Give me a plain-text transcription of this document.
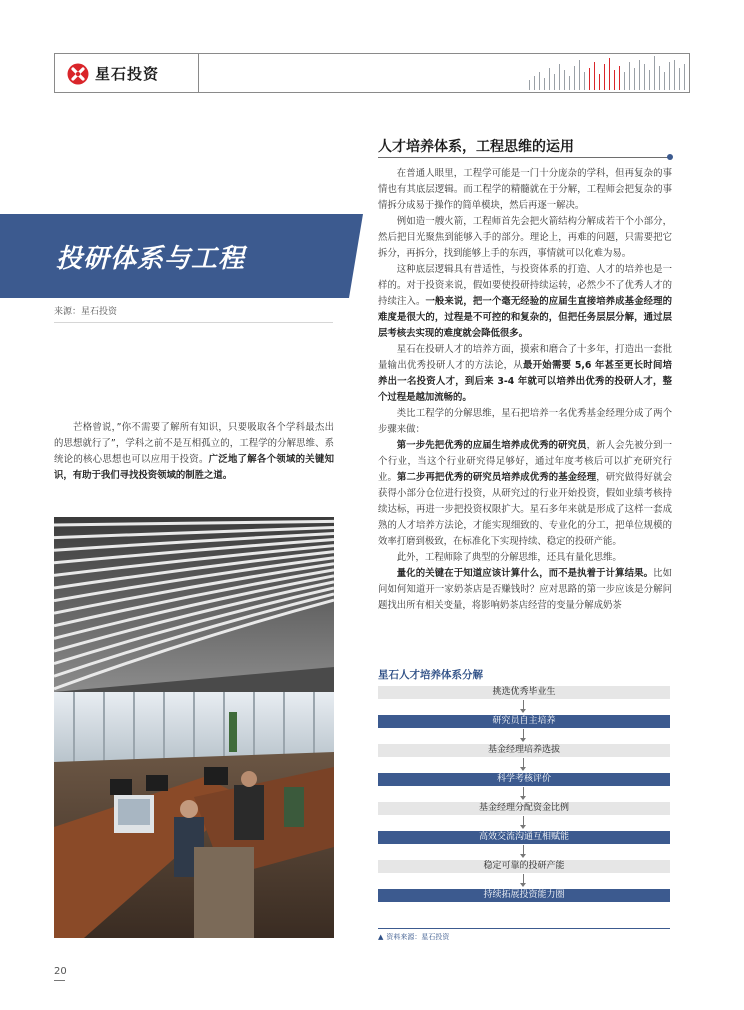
星石投资
投研体系与工程
来源：星石投资
  芒格曾说，”你不需要了解所有知识，只要吸取各个学科最杰出的思想就行了”，学科之前不是互相孤立的，工程学的分解思维、系统论的核心思想也可以应用于投资。广泛地了解各个领域的关键知识，有助于我们寻找投资领域的制胜之道。
人才培养体系，工程思维的运用

在普通人眼里，工程学可能是一门十分庞杂的学科，但再复杂的事情也有其底层逻辑。而工程学的精髓就在于分解，工程师会把复杂的事情拆分成易于操作的简单模块，然后再逐一解决。

例如造一艘火箭，工程师首先会把火箭结构分解成若干个小部分，然后把目光聚焦到能够入手的部分。理论上，再难的问题，只需要把它拆分，再拆分，找到能够上手的东西，事情就可以化难为易。

这种底层逻辑具有普适性，与投资体系的打造、人才的培养也是一样的。对于投资来说，假如要使投研持续运转，必然少不了优秀人才的持续注入。一般来说，把一个毫无经验的应届生直接培养成基金经理的难度是很大的，过程是不可控的和复杂的，但把任务层层分解，通过层层考核去实现的难度就会降低很多。

星石在投研人才的培养方面，摸索和磨合了十多年，打造出一套批量输出优秀投研人才的方法论，从最开始需要 5,6 年甚至更长时间培养出一名投资人才，到后来 3-4 年就可以培养出优秀的投研人才，整个过程是越加流畅的。

类比工程学的分解思维，星石把培养一名优秀基金经理分成了两个步骤来做：

第一步先把优秀的应届生培养成优秀的研究员，新人会先被分到一个行业，当这个行业研究得足够好，通过年度考核后可以扩充研究行业。第二步再把优秀的研究员培养成优秀的基金经理，研究做得好就会获得小部分仓位进行投资，从研究过的行业开始投资，假如业绩考核持续达标，再进一步把投资权限扩大。星石多年来就是形成了这样一套成熟的人才培养方法论，才能实现细致的、专业化的分工，把单位规模的效率打磨到极致，在标准化下实现持续、稳定的投研产能。

此外，工程师除了典型的分解思维，还具有量化思维。

量化的关键在于知道应该计算什么，而不是执着于计算结果。比如问如何知道开一家奶茶店是否赚钱时？应对思路的第一步应该是分解问题找出所有相关变量，将影响奶茶店经营的变量分解成奶茶

星石人才培养体系分解
挑选优秀毕业生
研究员自主培养
基金经理培养选拔
科学考核评价
基金经理分配资金比例
高效交流沟通互相赋能
稳定可靠的投研产能
持续拓展投资能力圈
▲ 资料来源：星石投资
20
